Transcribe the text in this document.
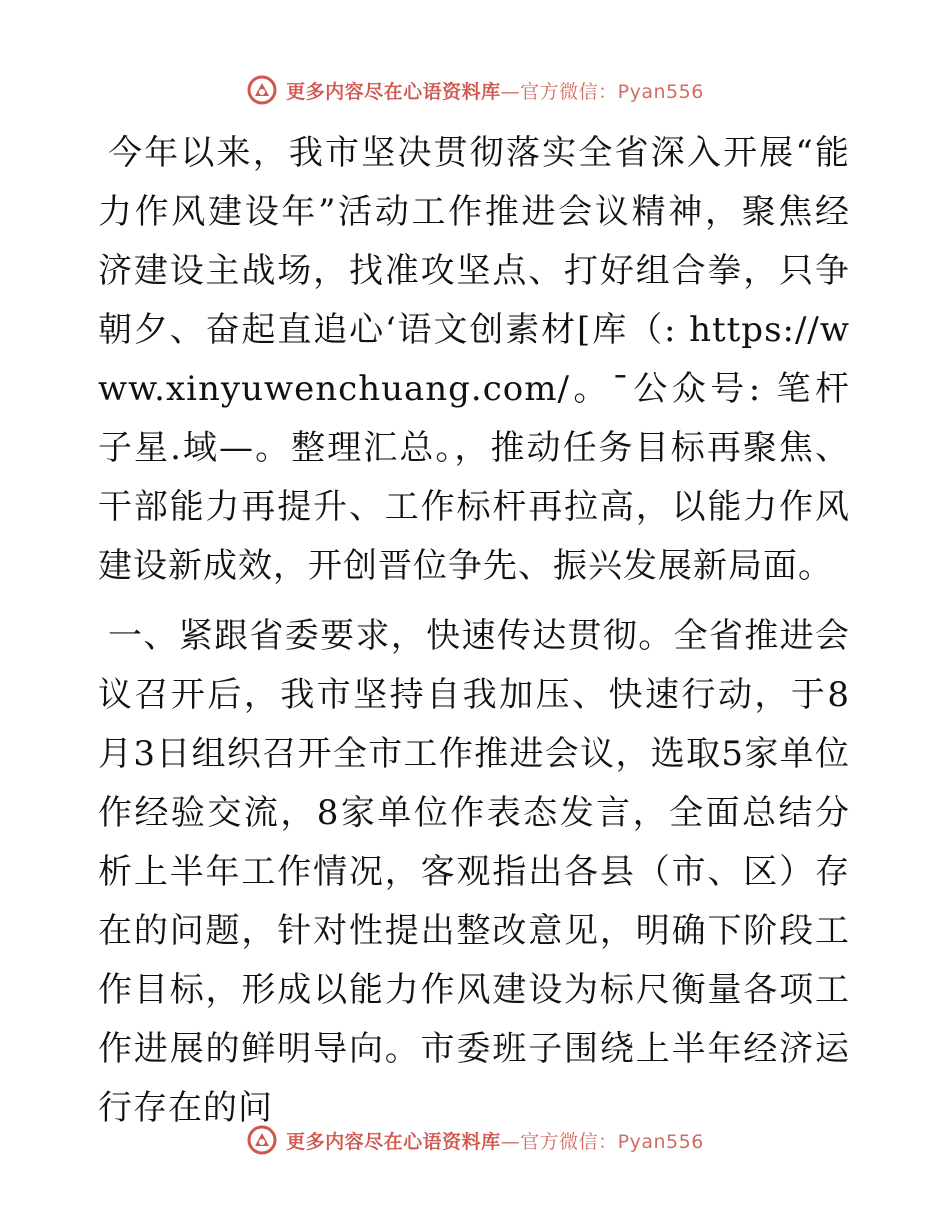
更多内容尽在心语资料库—官方微信：Pyan556

今年以来，我市坚决贯彻落实全省深入开展“能力作风建设年”活动工作推进会议精神，聚焦经济建设主战场，找准攻坚点、打好组合拳，只争朝夕、奋起直追心‘语文创素材[库（: https://www.xinyuwenchuang.com/。¯公众号: 笔杆子星.域—。整理汇总。，推动任务目标再聚焦、干部能力再提升、工作标杆再拉高，以能力作风建设新成效，开创晋位争先、振兴发展新局面。

一、紧跟省委要求，快速传达贯彻。全省推进会议召开后，我市坚持自我加压、快速行动，于8月3日组织召开全市工作推进会议，选取5家单位作经验交流，8家单位作表态发言，全面总结分析上半年工作情况，客观指出各县（市、区）存在的问题，针对性提出整改意见，明确下阶段工作目标，形成以能力作风建设为标尺衡量各项工作进展的鲜明导向。市委班子围绕上半年经济运行存在的问

更多内容尽在心语资料库—官方微信：Pyan556
